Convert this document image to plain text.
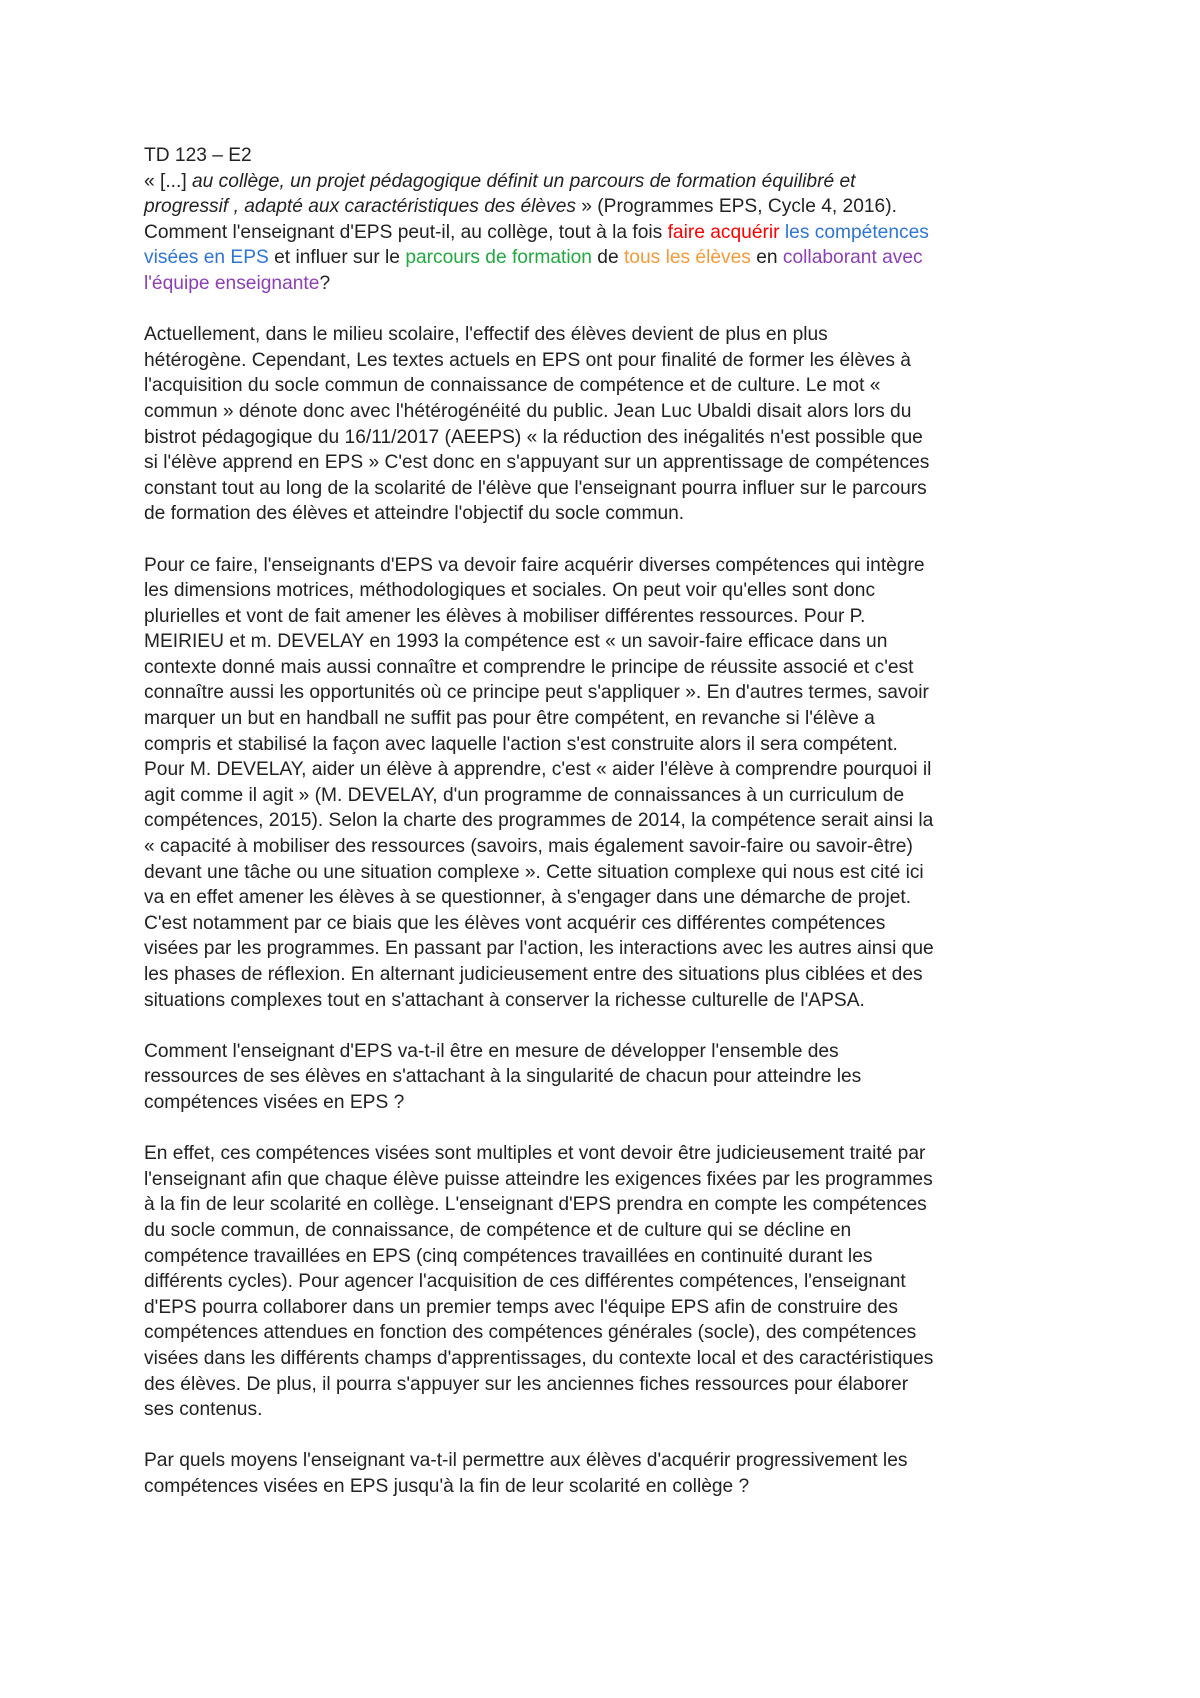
TD 123 – E2
« [...] au collège, un projet pédagogique définit un parcours de formation équilibré et
progressif , adapté aux caractéristiques des élèves » (Programmes EPS, Cycle 4, 2016).
Comment l'enseignant d'EPS peut-il, au collège, tout à la fois faire acquérir les compétences
visées en EPS et influer sur le parcours de formation de tous les élèves en collaborant avec
l'équipe enseignante?
Actuellement, dans le milieu scolaire, l'effectif des élèves devient de plus en plus
hétérogène. Cependant, Les textes actuels en EPS ont pour finalité de former les élèves à
l'acquisition du socle commun de connaissance de compétence et de culture. Le mot «
commun » dénote donc avec l'hétérogénéité du public. Jean Luc Ubaldi disait alors lors du
bistrot pédagogique du 16/11/2017 (AEEPS) « la réduction des inégalités n'est possible que
si l'élève apprend en EPS » C'est donc en s'appuyant sur un apprentissage de compétences
constant tout au long de la scolarité de l'élève que l'enseignant pourra influer sur le parcours
de formation des élèves et atteindre l'objectif du socle commun.
Pour ce faire, l'enseignants d'EPS va devoir faire acquérir diverses compétences qui intègre
les dimensions motrices, méthodologiques et sociales. On peut voir qu'elles sont donc
plurielles et vont de fait amener les élèves à mobiliser différentes ressources. Pour P.
MEIRIEU et m. DEVELAY en 1993 la compétence est « un savoir-faire efficace dans un
contexte donné mais aussi connaître et comprendre le principe de réussite associé et c'est
connaître aussi les opportunités où ce principe peut s'appliquer ». En d'autres termes, savoir
marquer un but en handball ne suffit pas pour être compétent, en revanche si l'élève a
compris et stabilisé la façon avec laquelle l'action s'est construite alors il sera compétent.
Pour M. DEVELAY, aider un élève à apprendre, c'est « aider l'élève à comprendre pourquoi il
agit comme il agit » (M. DEVELAY, d'un programme de connaissances à un curriculum de
compétences, 2015). Selon la charte des programmes de 2014, la compétence serait ainsi la
« capacité à mobiliser des ressources (savoirs, mais également savoir-faire ou savoir-être)
devant une tâche ou une situation complexe ». Cette situation complexe qui nous est cité ici
va en effet amener les élèves à se questionner, à s'engager dans une démarche de projet.
C'est notamment par ce biais que les élèves vont acquérir ces différentes compétences
visées par les programmes. En passant par l'action, les interactions avec les autres ainsi que
les phases de réflexion. En alternant judicieusement entre des situations plus ciblées et des
situations complexes tout en s'attachant à conserver la richesse culturelle de l'APSA.
Comment l'enseignant d'EPS va-t-il être en mesure de développer l'ensemble des
ressources de ses élèves en s'attachant à la singularité de chacun pour atteindre les
compétences visées en EPS ?
En effet, ces compétences visées sont multiples et vont devoir être judicieusement traité par
l'enseignant afin que chaque élève puisse atteindre les exigences fixées par les programmes
à la fin de leur scolarité en collège. L'enseignant d'EPS prendra en compte les compétences
du socle commun, de connaissance, de compétence et de culture qui se décline en
compétence travaillées en EPS (cinq compétences travaillées en continuité durant les
différents cycles). Pour agencer l'acquisition de ces différentes compétences, l'enseignant
d'EPS pourra collaborer dans un premier temps avec l'équipe EPS afin de construire des
compétences attendues en fonction des compétences générales (socle), des compétences
visées dans les différents champs d'apprentissages, du contexte local et des caractéristiques
des élèves. De plus, il pourra s'appuyer sur les anciennes fiches ressources pour élaborer
ses contenus.
Par quels moyens l'enseignant va-t-il permettre aux élèves d'acquérir progressivement les
compétences visées en EPS jusqu'à la fin de leur scolarité en collège ?
